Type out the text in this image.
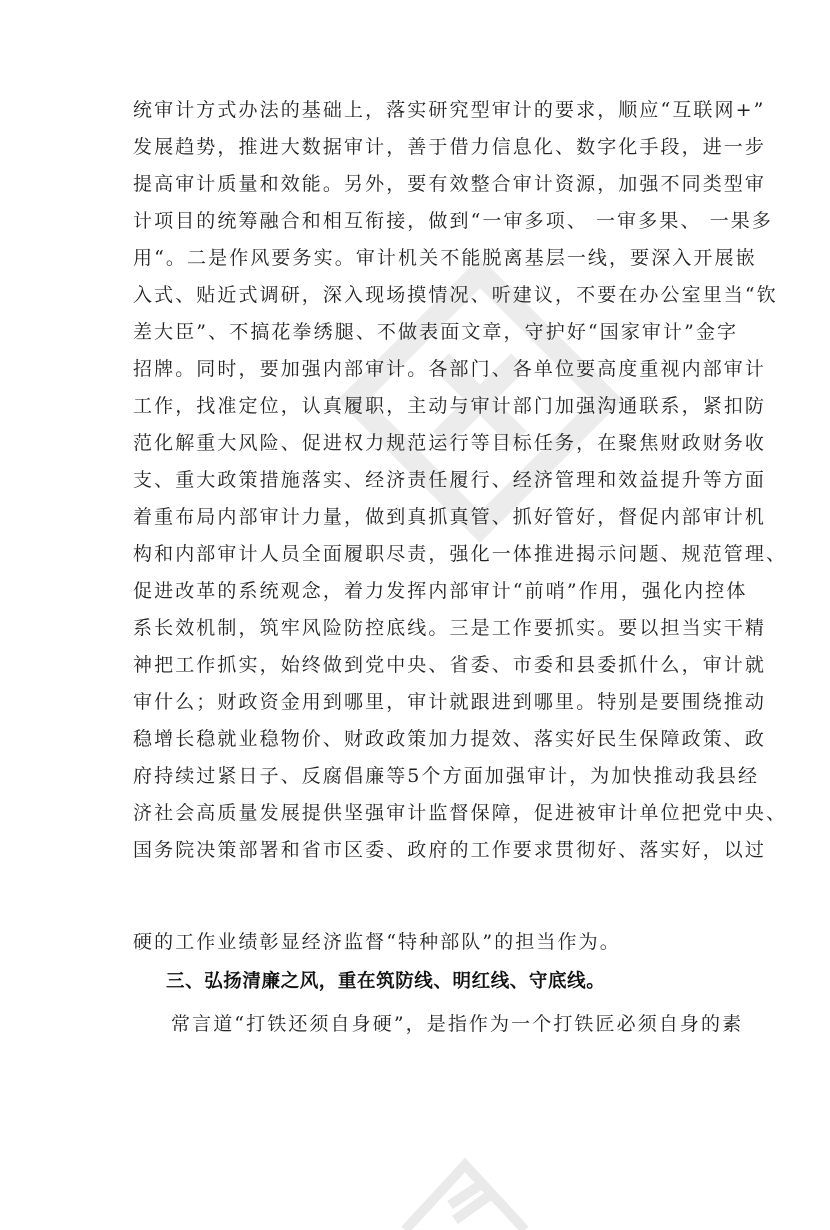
统审计方式办法的基础上，落实研究型审计的要求，顺应“互联网+”
发展趋势，推进大数据审计，善于借力信息化、数字化手段，进一步
提高审计质量和效能。另外，要有效整合审计资源，加强不同类型审
计项目的统筹融合和相互衔接，做到“一审多项、 一审多果、 一果多
用“。二是作风要务实。审计机关不能脱离基层一线，要深入开展嵌
入式、贴近式调研，深入现场摸情况、听建议，不要在办公室里当“钦
差大臣”、不搞花拳绣腿、不做表面文章，守护好“国家审计”金字
招牌。同时，要加强内部审计。各部门、各单位要高度重视内部审计
工作，找准定位，认真履职，主动与审计部门加强沟通联系，紧扣防
范化解重大风险、促进权力规范运行等目标任务，在聚焦财政财务收
支、重大政策措施落实、经济责任履行、经济管理和效益提升等方面
着重布局内部审计力量，做到真抓真管、抓好管好，督促内部审计机
构和内部审计人员全面履职尽责，强化一体推进揭示问题、规范管理、
促进改革的系统观念，着力发挥内部审计“前哨”作用，强化内控体
系长效机制，筑牢风险防控底线。三是工作要抓实。要以担当实干精
神把工作抓实，始终做到党中央、省委、市委和县委抓什么，审计就
审什么；财政资金用到哪里，审计就跟进到哪里。特别是要围绕推动
稳增长稳就业稳物价、财政政策加力提效、落实好民生保障政策、政
府持续过紧日子、反腐倡廉等5个方面加强审计，为加快推动我县经
济社会高质量发展提供坚强审计监督保障，促进被审计单位把党中央、
国务院决策部署和省市区委、政府的工作要求贯彻好、落实好，以过
硬的工作业绩彰显经济监督“特种部队”的担当作为。
三、弘扬清廉之风，重在筑防线、明红线、守底线。
常言道“打铁还须自身硬”，是指作为一个打铁匠必须自身的素
